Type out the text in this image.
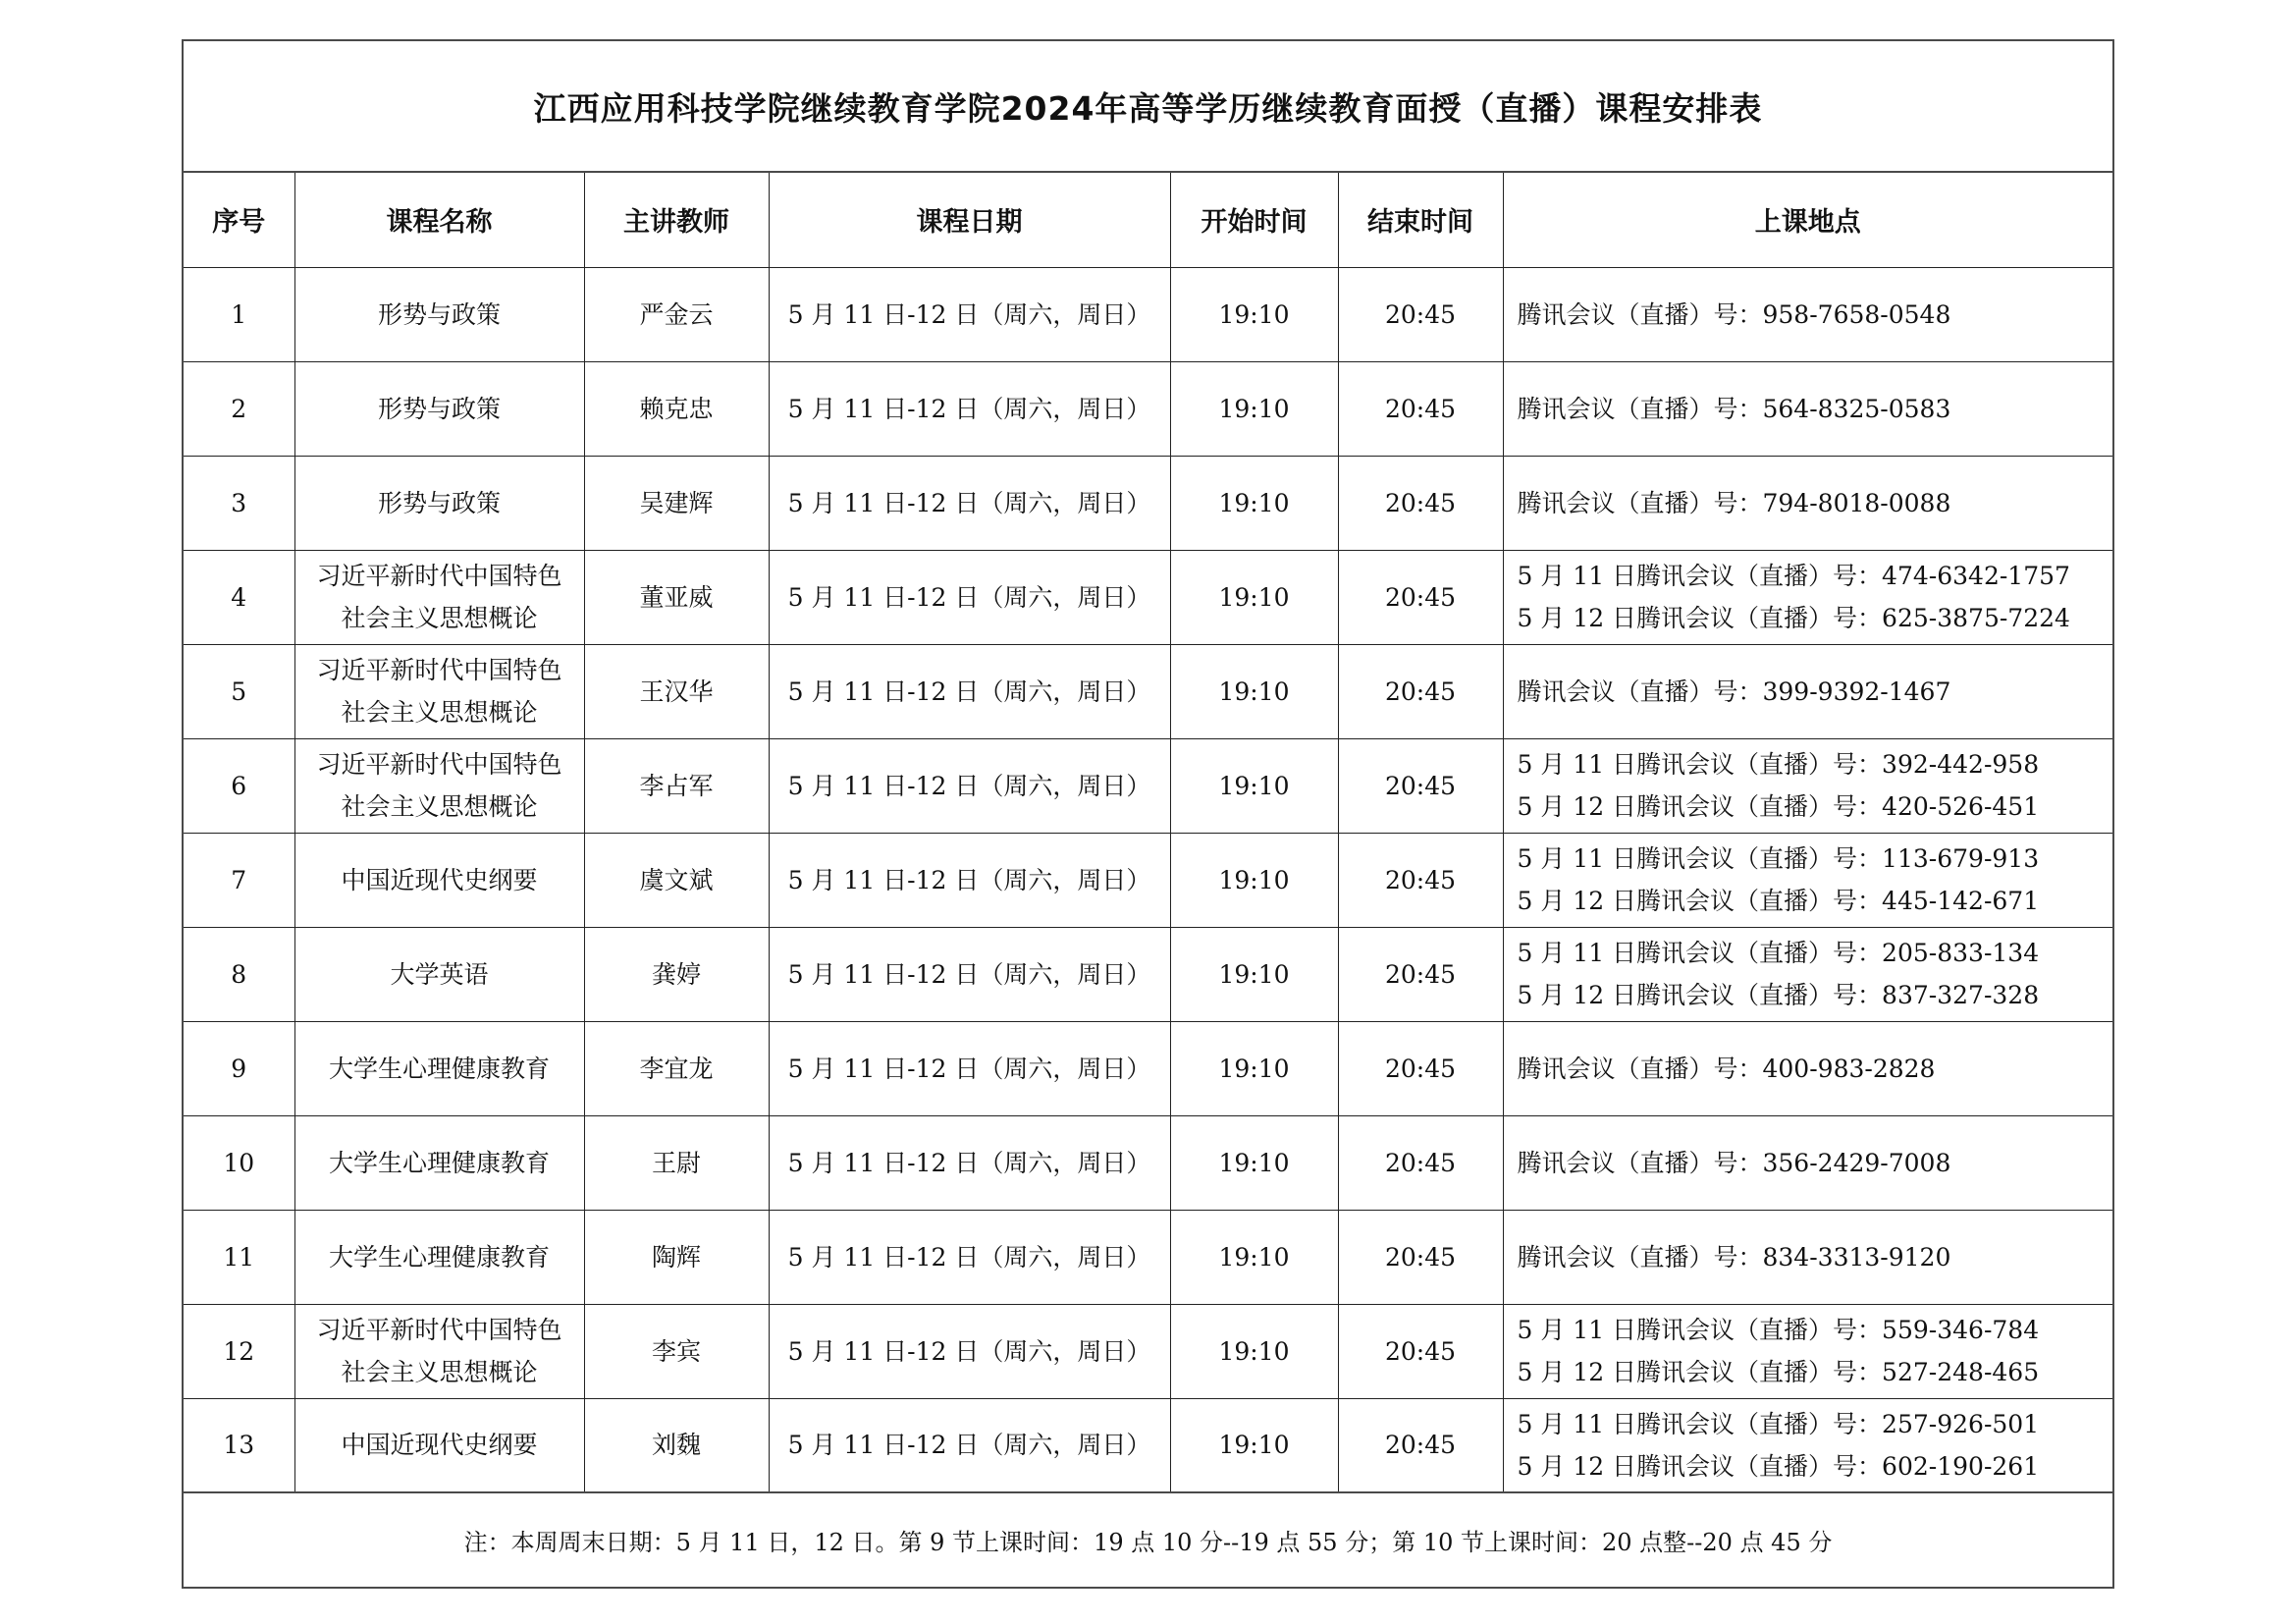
江西应用科技学院继续教育学院2024年高等学历继续教育面授（直播）课程安排表
序号	课程名称	主讲教师	课程日期	开始时间	结束时间	上课地点
1	形势与政策	严金云	5 月 11 日-12 日（周六，周日）	19:10	20:45	腾讯会议（直播）号：958-7658-0548

2	形势与政策	赖克忠	5 月 11 日-12 日（周六，周日）	19:10	20:45	腾讯会议（直播）号：564-8325-0583

3	形势与政策	吴建辉	5 月 11 日-12 日（周六，周日）	19:10	20:45	腾讯会议（直播）号：794-8018-0088

4	习近平新时代中国特色社会主义思想概论	董亚威	5 月 11 日-12 日（周六，周日）	19:10	20:45	5 月 11 日腾讯会议（直播）号：474-6342-1757
5 月 12 日腾讯会议（直播）号：625-3875-7224

5	习近平新时代中国特色社会主义思想概论	王汉华	5 月 11 日-12 日（周六，周日）	19:10	20:45	腾讯会议（直播）号：399-9392-1467

6	习近平新时代中国特色社会主义思想概论	李占军	5 月 11 日-12 日（周六，周日）	19:10	20:45	5 月 11 日腾讯会议（直播）号：392-442-958
5 月 12 日腾讯会议（直播）号：420-526-451

7	中国近现代史纲要	虞文斌	5 月 11 日-12 日（周六，周日）	19:10	20:45	5 月 11 日腾讯会议（直播）号：113-679-913
5 月 12 日腾讯会议（直播）号：445-142-671

8	大学英语	龚婷	5 月 11 日-12 日（周六，周日）	19:10	20:45	5 月 11 日腾讯会议（直播）号：205-833-134
5 月 12 日腾讯会议（直播）号：837-327-328

9	大学生心理健康教育	李宜龙	5 月 11 日-12 日（周六，周日）	19:10	20:45	腾讯会议（直播）号：400-983-2828

10	大学生心理健康教育	王尉	5 月 11 日-12 日（周六，周日）	19:10	20:45	腾讯会议（直播）号：356-2429-7008

11	大学生心理健康教育	陶辉	5 月 11 日-12 日（周六，周日）	19:10	20:45	腾讯会议（直播）号：834-3313-9120

12	习近平新时代中国特色社会主义思想概论	李宾	5 月 11 日-12 日（周六，周日）	19:10	20:45	5 月 11 日腾讯会议（直播）号：559-346-784
5 月 12 日腾讯会议（直播）号：527-248-465

13	中国近现代史纲要	刘魏	5 月 11 日-12 日（周六，周日）	19:10	20:45	5 月 11 日腾讯会议（直播）号：257-926-501
5 月 12 日腾讯会议（直播）号：602-190-261
注：本周周末日期：5 月 11 日，12 日。第 9 节上课时间：19 点 10 分--19 点 55 分；第 10 节上课时间：20 点整--20 点 45 分
